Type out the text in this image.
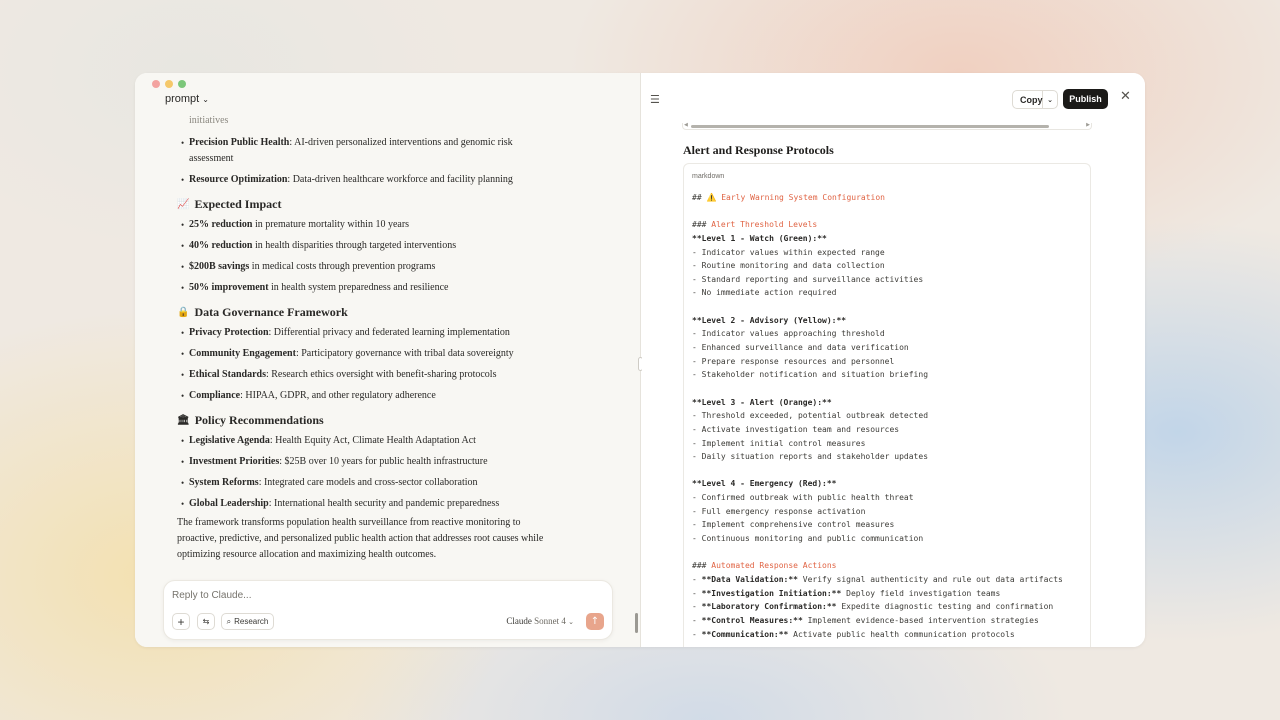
prompt ⌄
initiatives
• Precision Public Health: AI-driven personalized interventions and genomic risk
assessment
• Resource Optimization: Data-driven healthcare workforce and facility planning
📈 Expected Impact
• 25% reduction in premature mortality within 10 years
• 40% reduction in health disparities through targeted interventions
• $200B savings in medical costs through prevention programs
• 50% improvement in health system preparedness and resilience
🔒 Data Governance Framework
• Privacy Protection: Differential privacy and federated learning implementation
• Community Engagement: Participatory governance with tribal data sovereignty
• Ethical Standards: Research ethics oversight with benefit-sharing protocols
• Compliance: HIPAA, GDPR, and other regulatory adherence
🏛 Policy Recommendations
• Legislative Agenda: Health Equity Act, Climate Health Adaptation Act
• Investment Priorities: $25B over 10 years for public health infrastructure
• System Reforms: Integrated care models and cross-sector collaboration
• Global Leadership: International health security and pandemic preparedness
The framework transforms population health surveillance from reactive monitoring to
proactive, predictive, and personalized public health action that addresses root causes while
optimizing resource allocation and maximizing health outcomes.
Reply to Claude...
+	⇆	⌕ Research	Claude Sonnet 4 ⌄	↑
☰	Copy ⌄	Publish	✕
◀	▶
Alert and Response Protocols
markdown
## ⚠️ Early Warning System Configuration
### Alert Threshold Levels
**Level 1 - Watch (Green):**
- Indicator values within expected range
- Routine monitoring and data collection
- Standard reporting and surveillance activities
- No immediate action required
**Level 2 - Advisory (Yellow):**
- Indicator values approaching threshold
- Enhanced surveillance and data verification
- Prepare response resources and personnel
- Stakeholder notification and situation briefing
**Level 3 - Alert (Orange):**
- Threshold exceeded, potential outbreak detected
- Activate investigation team and resources
- Implement initial control measures
- Daily situation reports and stakeholder updates
**Level 4 - Emergency (Red):**
- Confirmed outbreak with public health threat
- Full emergency response activation
- Implement comprehensive control measures
- Continuous monitoring and public communication
### Automated Response Actions
- **Data Validation:** Verify signal authenticity and rule out data artifacts
- **Investigation Initiation:** Deploy field investigation teams
- **Laboratory Confirmation:** Expedite diagnostic testing and confirmation
- **Control Measures:** Implement evidence-based intervention strategies
- **Communication:** Activate public health communication protocols
